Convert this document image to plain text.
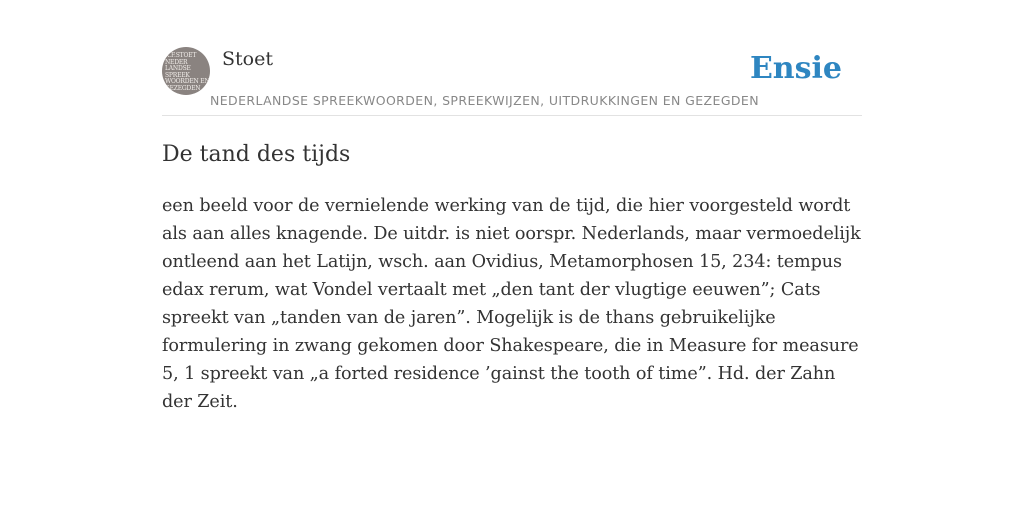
K.F.STOET
NEDER
LANDSE
SPREEK
WOORDEN EN
GEZEGDEN
Stoet	Ensie
NEDERLANDSE SPREEKWOORDEN, SPREEKWIJZEN, UITDRUKKINGEN EN GEZEGDEN
De tand des tijds

een beeld voor de vernielende werking van de tijd, die hier voorgesteld wordt als aan alles knagende. De uitdr. is niet oorspr. Nederlands, maar vermoedelijk ontleend aan het Latijn, wsch. aan Ovidius, Metamorphosen 15, 234: tempus edax rerum, wat Vondel vertaalt met „den tant der vlugtige eeuwen”; Cats spreekt van „tanden van de jaren”. Mogelijk is de thans gebruikelijke formulering in zwang gekomen door Shakespeare, die in Measure for measure 5, 1 spreekt van „a forted residence ’gainst the tooth of time”. Hd. der Zahn der Zeit.
